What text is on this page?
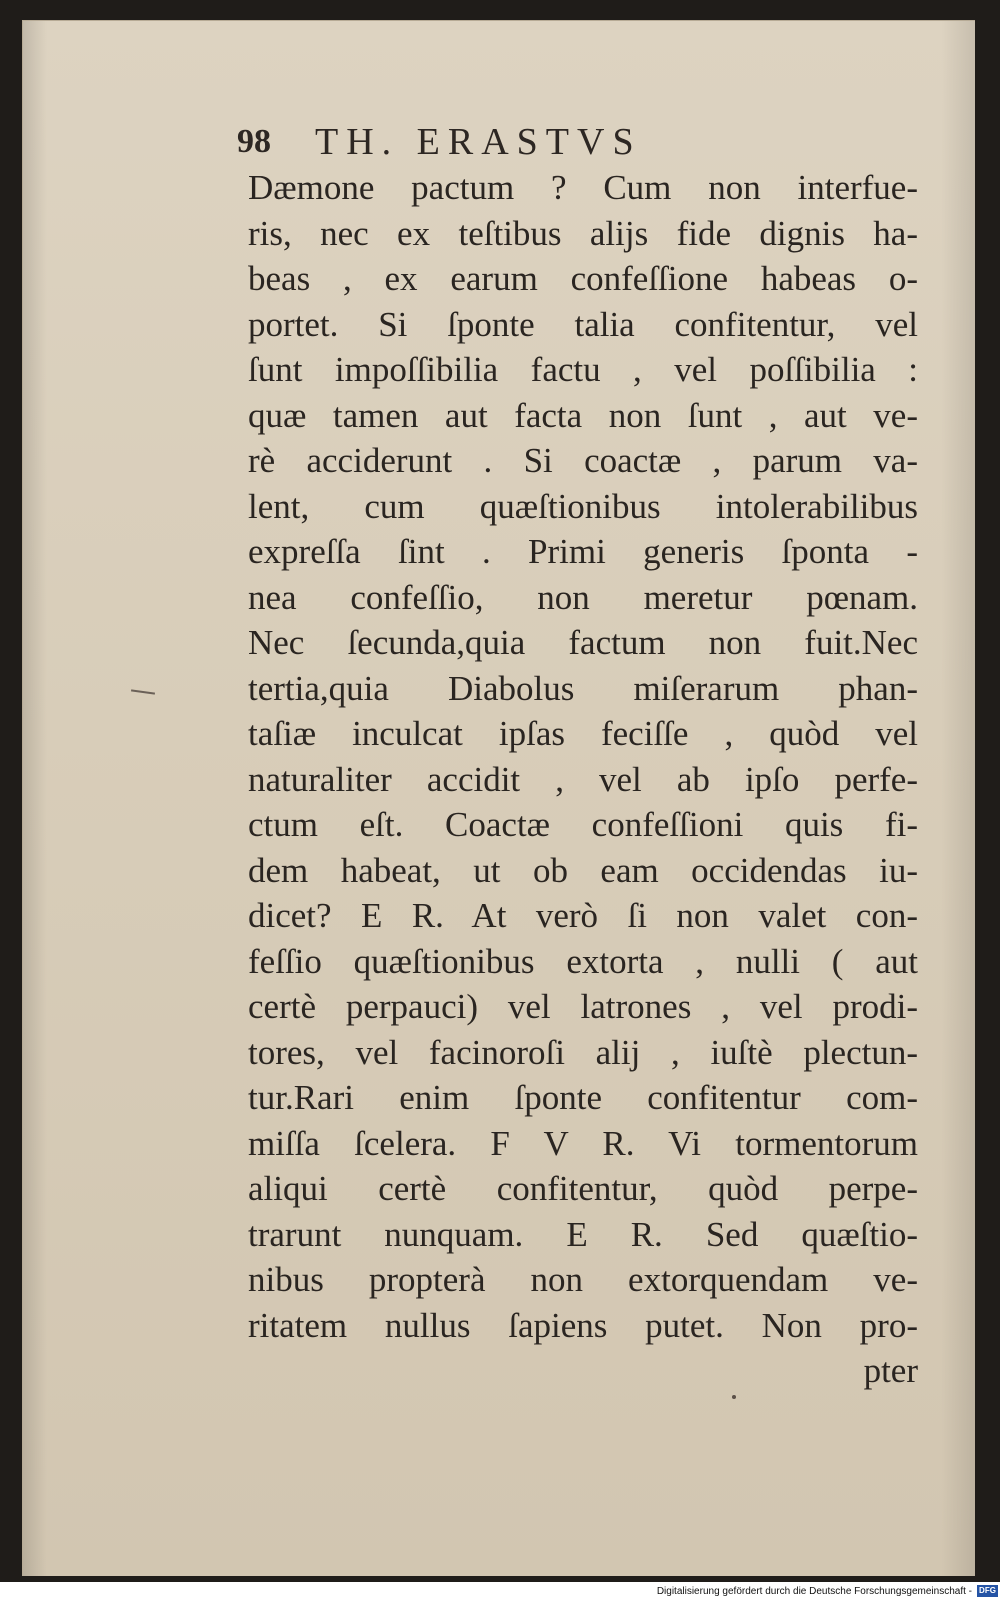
98 TH. ERASTVS
Dæmone pactum ? Cum non interfue-
ris, nec ex teſtibus alijs fide dignis ha-
beas , ex earum confeſſione habeas o-
portet. Si ſponte talia confitentur, vel
ſunt impoſſibilia factu , vel poſſibilia :
quæ tamen aut facta non ſunt , aut ve-
rè acciderunt . Si coactæ , parum va-
lent, cum quæſtionibus intolerabilibus
expreſſa ſint . Primi generis ſponta -
nea confeſſio, non meretur pœnam.
Nec ſecunda,quia factum non fuit.Nec
tertia,quia Diabolus miſerarum phan-
taſiæ inculcat ipſas feciſſe , quòd vel
naturaliter accidit , vel ab ipſo perfe-
ctum eſt. Coactæ confeſſioni quis fi-
dem habeat, ut ob eam occidendas iu-
dicet? E R. At verò ſi non valet con-
feſſio quæſtionibus extorta , nulli ( aut
certè perpauci) vel latrones , vel prodi-
tores, vel facinoroſi alij , iuſtè plectun-
tur.Rari enim ſponte confitentur com-
miſſa ſcelera. F V R. Vi tormentorum
aliqui certè confitentur, quòd perpe-
trarunt nunquam. E R. Sed quæſtio-
nibus propterà non extorquendam ve-
ritatem nullus ſapiens putet. Non pro-
pter
Digitalisierung gefördert durch die Deutsche Forschungsgemeinschaft - DFG
